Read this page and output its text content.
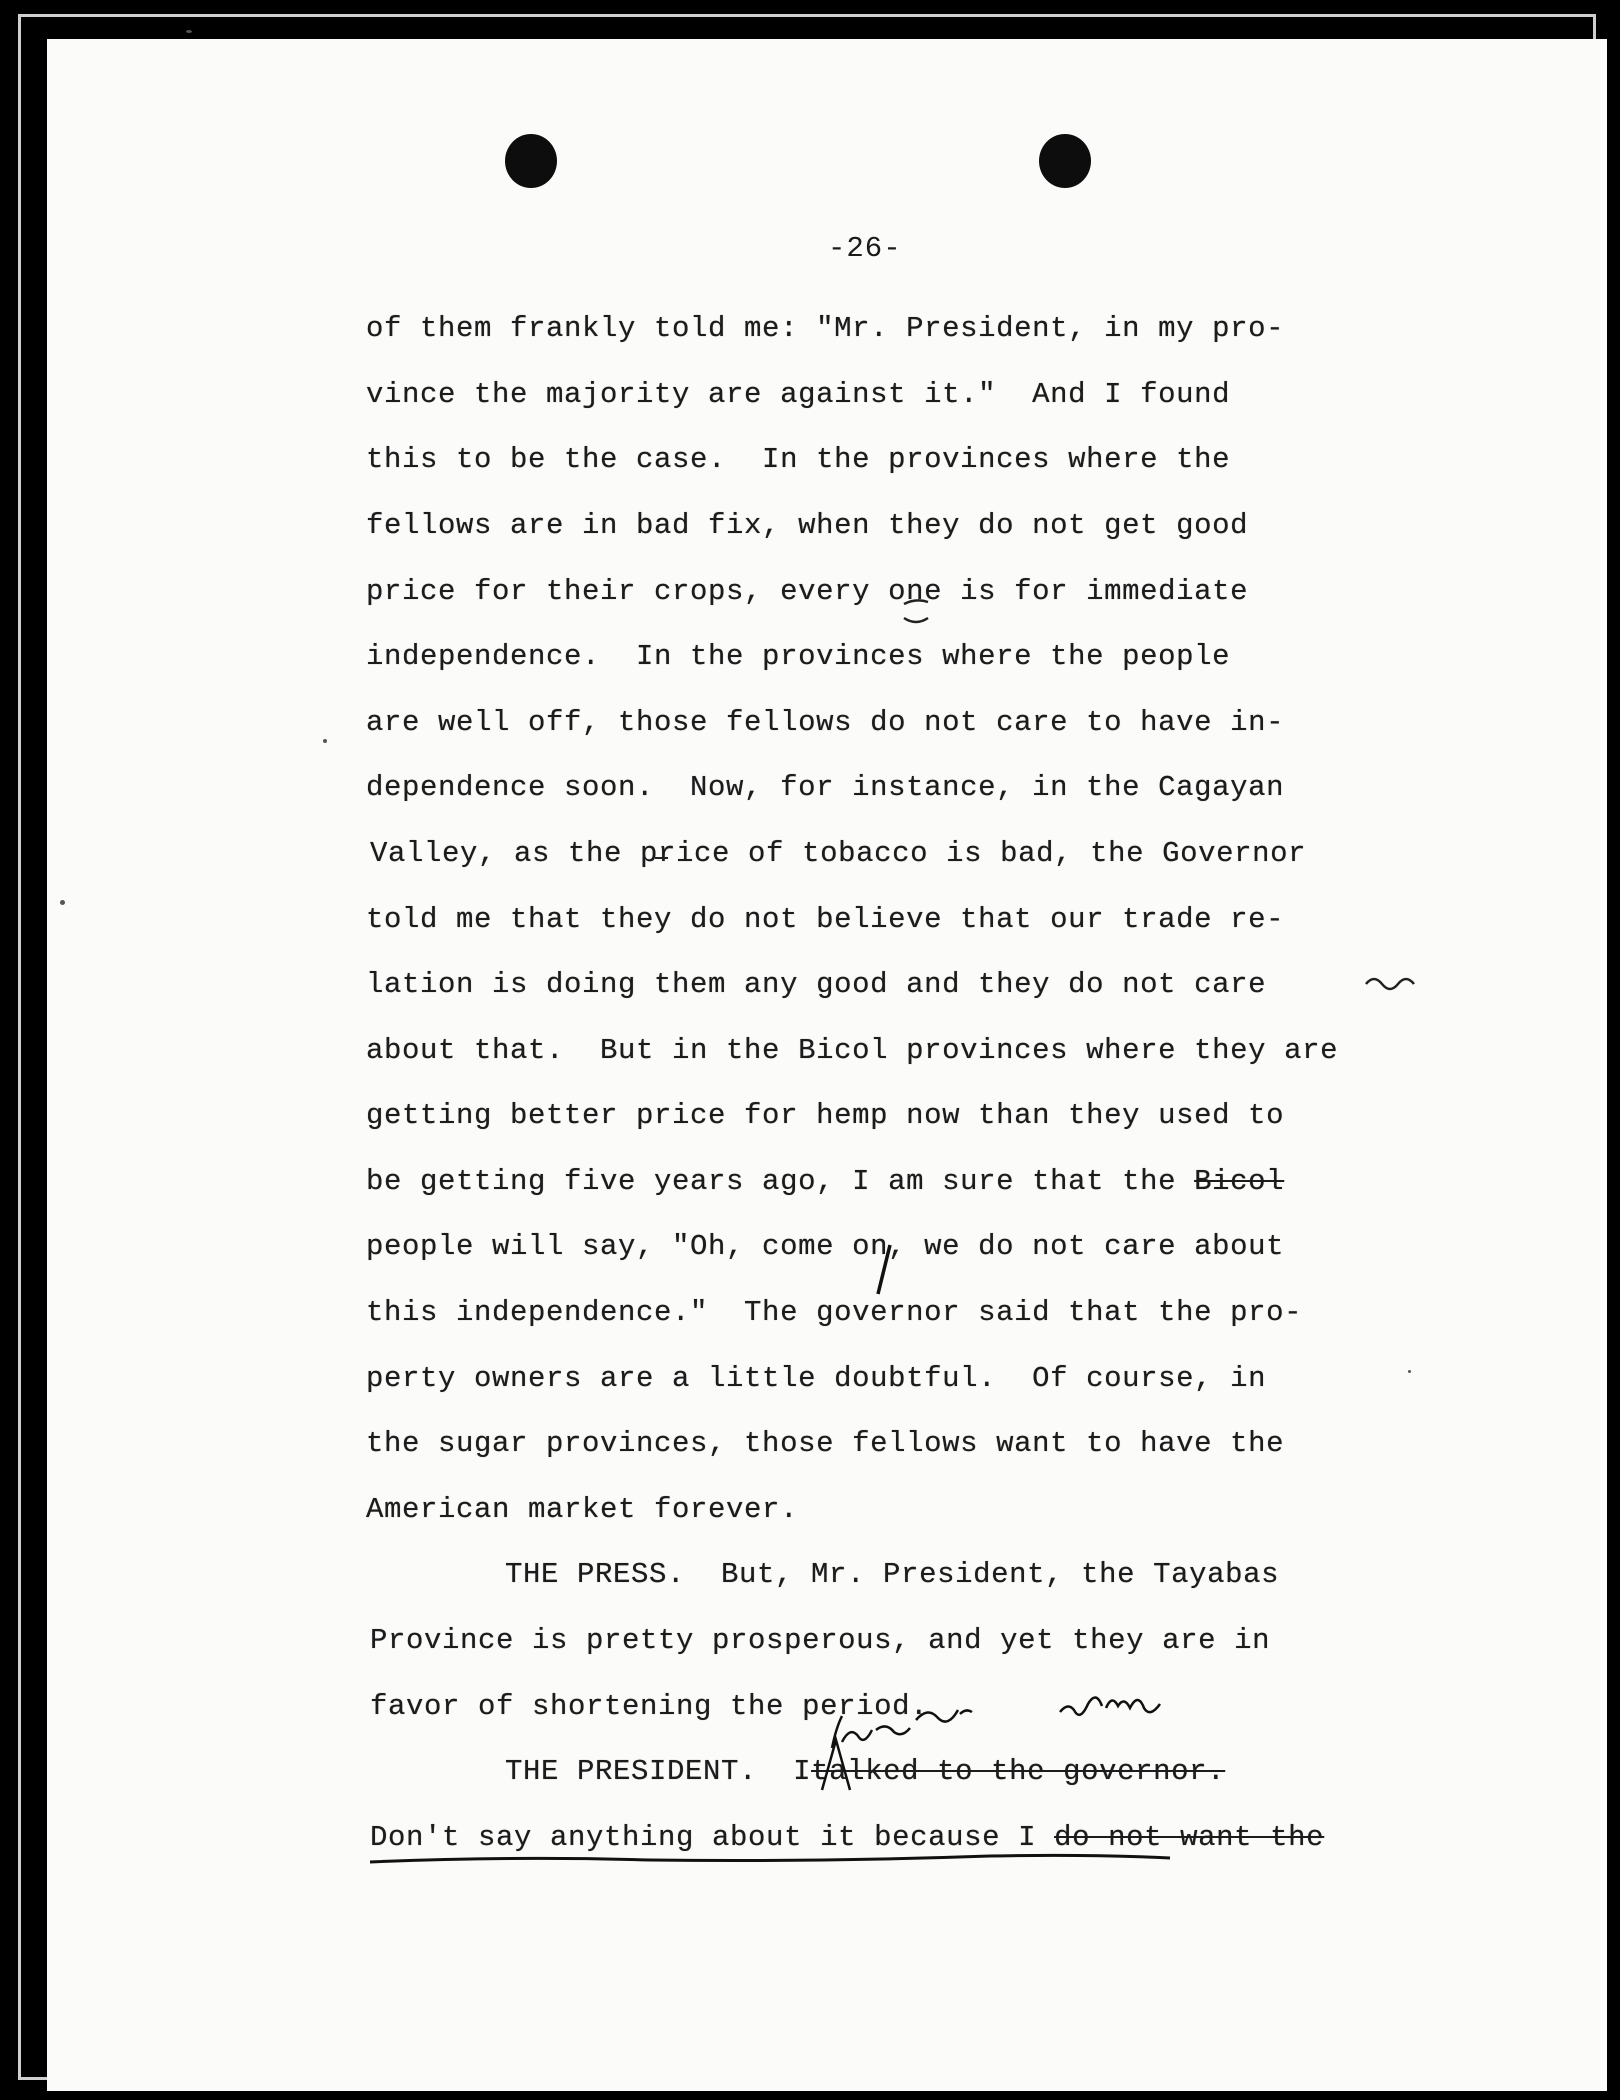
-26-
of them frankly told me: "Mr. President, in my pro-
vince the majority are against it."  And I found
this to be the case.  In the provinces where the
fellows are in bad fix, when they do not get good
price for their crops, every one is for immediate
independence.  In the provinces where the people
are well off, those fellows do not care to have in-
dependence soon.  Now, for instance, in the Cagayan
Valley, as the price of tobacco is bad, the Governor
told me that they do not believe that our trade re-
lation is doing them any good and they do not care
about that.  But in the Bicol provinces where they are
getting better price for hemp now than they used to
be getting five years ago, I am sure that the Bicol
people will say, "Oh, come on, we do not care about
this independence."  The governor said that the pro-
perty owners are a little doubtful.  Of course, in
the sugar provinces, those fellows want to have the
American market forever.
THE PRESS.  But, Mr. President, the Tayabas
Province is pretty prosperous, and yet they are in
favor of shortening the period.
THE PRESIDENT. Italked to the governor.
Don't say anything about it because I do not want the
